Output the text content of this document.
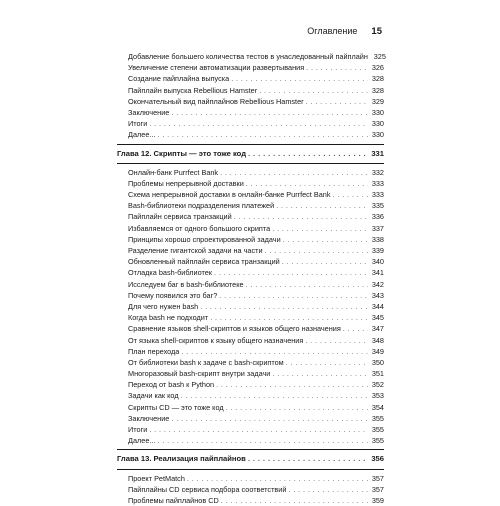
Оглавление 15
Добавление большего количества тестов в унаследованный пайплайн 325
Увеличение степени автоматизации развертывания . . .	326
Создание пайплайна выпуска . . .	328
Пайплайн выпуска Rebellious Hamster . . .	328
Окончательный вид пайплайнов Rebellious Hamster . . .	329
Заключение . . .	330
Итоги . . .	330
Далее... . . .	330
Глава 12. Скрипты — это тоже код . . .	331
Онлайн-банк Purrfect Bank . . .	332
Проблемы непрерывной доставки . . .	333
Схема непрерывной доставки в онлайн-банке Purrfect Bank . . .	333
Bash-библиотеки подразделения платежей . . .	335
Пайплайн сервиса транзакций . . .	336
Избавляемся от одного большого скрипта . . .	337
Принципы хорошо спроектированной задачи . . .	338
Разделение гигантской задачи на части . . .	339
Обновленный пайплайн сервиса транзакций . . .	340
Отладка bash-библиотек . . .	341
Исследуем баг в bash-библиотеке . . .	342
Почему появился это баг? . . .	343
Для чего нужен bash . . .	344
Когда bash не подходит . . .	345
Сравнение языков shell-скриптов и языков общего назначения . . .	347
От языка shell-скриптов к языку общего назначения . . .	348
План перехода . . .	349
От библиотеки bash к задаче с bash-скриптом . . .	350
Многоразовый bash-скрипт внутри задачи . . .	351
Переход от bash к Python . . .	352
Задачи как код . . .	353
Скрипты CD — это тоже код . . .	354
Заключение . . .	355
Итоги . . .	355
Далее... . . .	355
Глава 13. Реализация пайплайнов . . .	356
Проект PetMatch . . .	357
Пайплайны CD сервиса подбора соответствий . . .	357
Проблемы пайплайнов CD . . .	359
